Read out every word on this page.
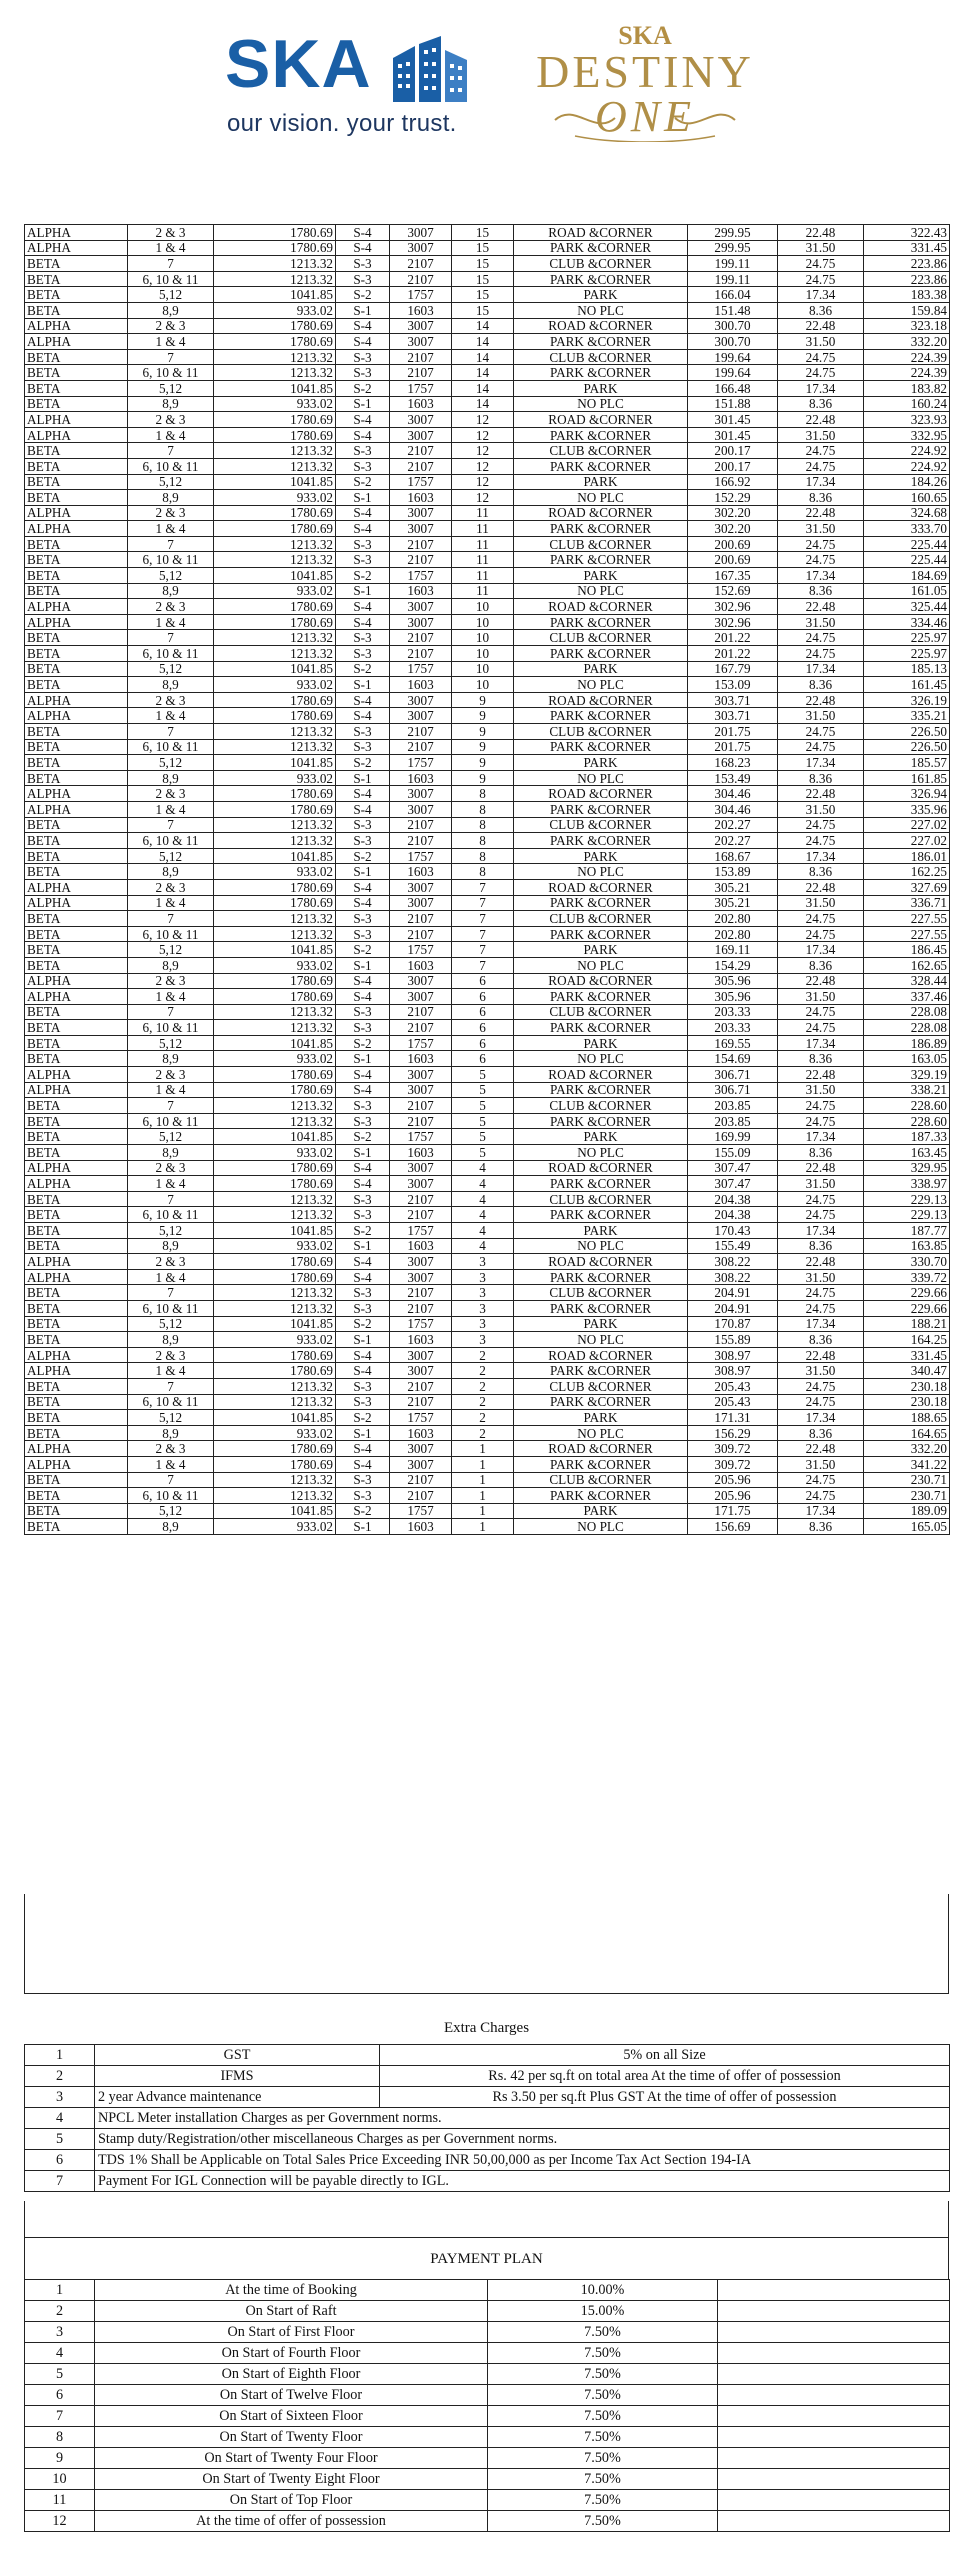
SKA
our vision. your trust.
SKA
DESTINY
ONE
ALPHA	2 & 3	1780.69	S-4	3007	15	ROAD &CORNER	299.95	22.48	322.43
ALPHA	1 & 4	1780.69	S-4	3007	15	PARK &CORNER	299.95	31.50	331.45
BETA	7	1213.32	S-3	2107	15	CLUB &CORNER	199.11	24.75	223.86
BETA	6, 10 & 11	1213.32	S-3	2107	15	PARK &CORNER	199.11	24.75	223.86
BETA	5,12	1041.85	S-2	1757	15	PARK	166.04	17.34	183.38
BETA	8,9	933.02	S-1	1603	15	NO PLC	151.48	8.36	159.84
ALPHA	2 & 3	1780.69	S-4	3007	14	ROAD &CORNER	300.70	22.48	323.18
ALPHA	1 & 4	1780.69	S-4	3007	14	PARK &CORNER	300.70	31.50	332.20
BETA	7	1213.32	S-3	2107	14	CLUB &CORNER	199.64	24.75	224.39
BETA	6, 10 & 11	1213.32	S-3	2107	14	PARK &CORNER	199.64	24.75	224.39
BETA	5,12	1041.85	S-2	1757	14	PARK	166.48	17.34	183.82
BETA	8,9	933.02	S-1	1603	14	NO PLC	151.88	8.36	160.24
ALPHA	2 & 3	1780.69	S-4	3007	12	ROAD &CORNER	301.45	22.48	323.93
ALPHA	1 & 4	1780.69	S-4	3007	12	PARK &CORNER	301.45	31.50	332.95
BETA	7	1213.32	S-3	2107	12	CLUB &CORNER	200.17	24.75	224.92
BETA	6, 10 & 11	1213.32	S-3	2107	12	PARK &CORNER	200.17	24.75	224.92
BETA	5,12	1041.85	S-2	1757	12	PARK	166.92	17.34	184.26
BETA	8,9	933.02	S-1	1603	12	NO PLC	152.29	8.36	160.65
ALPHA	2 & 3	1780.69	S-4	3007	11	ROAD &CORNER	302.20	22.48	324.68
ALPHA	1 & 4	1780.69	S-4	3007	11	PARK &CORNER	302.20	31.50	333.70
BETA	7	1213.32	S-3	2107	11	CLUB &CORNER	200.69	24.75	225.44
BETA	6, 10 & 11	1213.32	S-3	2107	11	PARK &CORNER	200.69	24.75	225.44
BETA	5,12	1041.85	S-2	1757	11	PARK	167.35	17.34	184.69
BETA	8,9	933.02	S-1	1603	11	NO PLC	152.69	8.36	161.05
ALPHA	2 & 3	1780.69	S-4	3007	10	ROAD &CORNER	302.96	22.48	325.44
ALPHA	1 & 4	1780.69	S-4	3007	10	PARK &CORNER	302.96	31.50	334.46
BETA	7	1213.32	S-3	2107	10	CLUB &CORNER	201.22	24.75	225.97
BETA	6, 10 & 11	1213.32	S-3	2107	10	PARK &CORNER	201.22	24.75	225.97
BETA	5,12	1041.85	S-2	1757	10	PARK	167.79	17.34	185.13
BETA	8,9	933.02	S-1	1603	10	NO PLC	153.09	8.36	161.45
ALPHA	2 & 3	1780.69	S-4	3007	9	ROAD &CORNER	303.71	22.48	326.19
ALPHA	1 & 4	1780.69	S-4	3007	9	PARK &CORNER	303.71	31.50	335.21
BETA	7	1213.32	S-3	2107	9	CLUB &CORNER	201.75	24.75	226.50
BETA	6, 10 & 11	1213.32	S-3	2107	9	PARK &CORNER	201.75	24.75	226.50
BETA	5,12	1041.85	S-2	1757	9	PARK	168.23	17.34	185.57
BETA	8,9	933.02	S-1	1603	9	NO PLC	153.49	8.36	161.85
ALPHA	2 & 3	1780.69	S-4	3007	8	ROAD &CORNER	304.46	22.48	326.94
ALPHA	1 & 4	1780.69	S-4	3007	8	PARK &CORNER	304.46	31.50	335.96
BETA	7	1213.32	S-3	2107	8	CLUB &CORNER	202.27	24.75	227.02
BETA	6, 10 & 11	1213.32	S-3	2107	8	PARK &CORNER	202.27	24.75	227.02
BETA	5,12	1041.85	S-2	1757	8	PARK	168.67	17.34	186.01
BETA	8,9	933.02	S-1	1603	8	NO PLC	153.89	8.36	162.25
ALPHA	2 & 3	1780.69	S-4	3007	7	ROAD &CORNER	305.21	22.48	327.69
ALPHA	1 & 4	1780.69	S-4	3007	7	PARK &CORNER	305.21	31.50	336.71
BETA	7	1213.32	S-3	2107	7	CLUB &CORNER	202.80	24.75	227.55
BETA	6, 10 & 11	1213.32	S-3	2107	7	PARK &CORNER	202.80	24.75	227.55
BETA	5,12	1041.85	S-2	1757	7	PARK	169.11	17.34	186.45
BETA	8,9	933.02	S-1	1603	7	NO PLC	154.29	8.36	162.65
ALPHA	2 & 3	1780.69	S-4	3007	6	ROAD &CORNER	305.96	22.48	328.44
ALPHA	1 & 4	1780.69	S-4	3007	6	PARK &CORNER	305.96	31.50	337.46
BETA	7	1213.32	S-3	2107	6	CLUB &CORNER	203.33	24.75	228.08
BETA	6, 10 & 11	1213.32	S-3	2107	6	PARK &CORNER	203.33	24.75	228.08
BETA	5,12	1041.85	S-2	1757	6	PARK	169.55	17.34	186.89
BETA	8,9	933.02	S-1	1603	6	NO PLC	154.69	8.36	163.05
ALPHA	2 & 3	1780.69	S-4	3007	5	ROAD &CORNER	306.71	22.48	329.19
ALPHA	1 & 4	1780.69	S-4	3007	5	PARK &CORNER	306.71	31.50	338.21
BETA	7	1213.32	S-3	2107	5	CLUB &CORNER	203.85	24.75	228.60
BETA	6, 10 & 11	1213.32	S-3	2107	5	PARK &CORNER	203.85	24.75	228.60
BETA	5,12	1041.85	S-2	1757	5	PARK	169.99	17.34	187.33
BETA	8,9	933.02	S-1	1603	5	NO PLC	155.09	8.36	163.45
ALPHA	2 & 3	1780.69	S-4	3007	4	ROAD &CORNER	307.47	22.48	329.95
ALPHA	1 & 4	1780.69	S-4	3007	4	PARK &CORNER	307.47	31.50	338.97
BETA	7	1213.32	S-3	2107	4	CLUB &CORNER	204.38	24.75	229.13
BETA	6, 10 & 11	1213.32	S-3	2107	4	PARK &CORNER	204.38	24.75	229.13
BETA	5,12	1041.85	S-2	1757	4	PARK	170.43	17.34	187.77
BETA	8,9	933.02	S-1	1603	4	NO PLC	155.49	8.36	163.85
ALPHA	2 & 3	1780.69	S-4	3007	3	ROAD &CORNER	308.22	22.48	330.70
ALPHA	1 & 4	1780.69	S-4	3007	3	PARK &CORNER	308.22	31.50	339.72
BETA	7	1213.32	S-3	2107	3	CLUB &CORNER	204.91	24.75	229.66
BETA	6, 10 & 11	1213.32	S-3	2107	3	PARK &CORNER	204.91	24.75	229.66
BETA	5,12	1041.85	S-2	1757	3	PARK	170.87	17.34	188.21
BETA	8,9	933.02	S-1	1603	3	NO PLC	155.89	8.36	164.25
ALPHA	2 & 3	1780.69	S-4	3007	2	ROAD &CORNER	308.97	22.48	331.45
ALPHA	1 & 4	1780.69	S-4	3007	2	PARK &CORNER	308.97	31.50	340.47
BETA	7	1213.32	S-3	2107	2	CLUB &CORNER	205.43	24.75	230.18
BETA	6, 10 & 11	1213.32	S-3	2107	2	PARK &CORNER	205.43	24.75	230.18
BETA	5,12	1041.85	S-2	1757	2	PARK	171.31	17.34	188.65
BETA	8,9	933.02	S-1	1603	2	NO PLC	156.29	8.36	164.65
ALPHA	2 & 3	1780.69	S-4	3007	1	ROAD &CORNER	309.72	22.48	332.20
ALPHA	1 & 4	1780.69	S-4	3007	1	PARK &CORNER	309.72	31.50	341.22
BETA	7	1213.32	S-3	2107	1	CLUB &CORNER	205.96	24.75	230.71
BETA	6, 10 & 11	1213.32	S-3	2107	1	PARK &CORNER	205.96	24.75	230.71
BETA	5,12	1041.85	S-2	1757	1	PARK	171.75	17.34	189.09
BETA	8,9	933.02	S-1	1603	1	NO PLC	156.69	8.36	165.05
Extra Charges
1	GST	5% on all Size
2	IFMS	Rs. 42 per sq.ft on total area At the time of offer of possession
3	2 year Advance maintenance	Rs 3.50 per sq.ft Plus GST At the time of offer of possession
4	NPCL Meter installation Charges as per Government norms.	
5	Stamp duty/Registration/other miscellaneous Charges as per Government norms.	
6	TDS 1% Shall be Applicable on Total Sales Price Exceeding INR 50,00,000 as per Income Tax Act Section 194-IA	
7	Payment For IGL Connection will be payable directly to IGL.	
PAYMENT PLAN
1	At the time of Booking	10.00%	
2	On Start of Raft	15.00%	
3	On Start of First Floor	7.50%	
4	On Start of Fourth Floor	7.50%	
5	On Start of Eighth Floor	7.50%	
6	On Start of Twelve Floor	7.50%	
7	On Start of Sixteen Floor	7.50%	
8	On Start of Twenty Floor	7.50%	
9	On Start of Twenty Four Floor	7.50%	
10	On Start of Twenty Eight Floor	7.50%	
11	On Start of Top Floor	7.50%	
12	At the time of offer of possession	7.50%	
